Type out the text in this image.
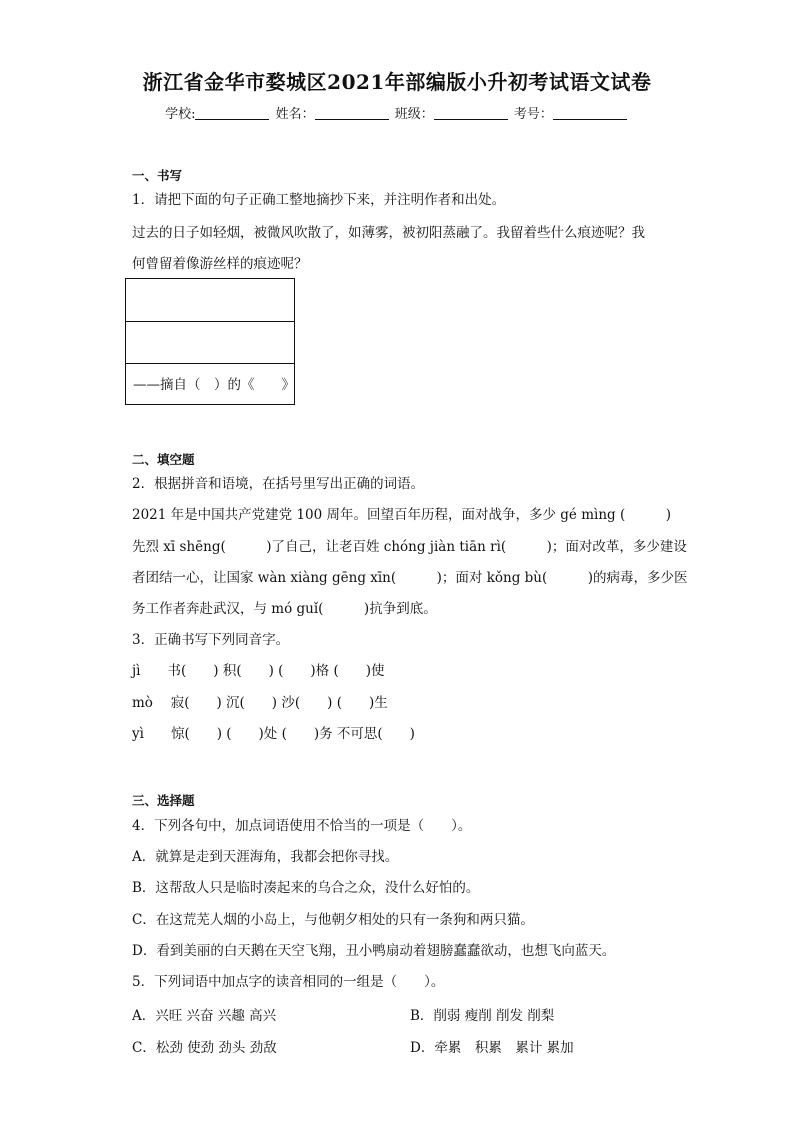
浙江省金华市婺城区2021年部编版小升初考试语文试卷
学校:	姓名：	班级：	考号：
一、书写
1．请把下面的句子正确工整地摘抄下来，并注明作者和出处。
过去的日子如轻烟，被微风吹散了，如薄雾，被初阳蒸融了。我留着些什么痕迹呢？我
何曾留着像游丝样的痕迹呢？
——摘自（　）的《　　》
二、填空题
2．根据拼音和语境，在括号里写出正确的词语。
2021 年是中国共产党建党 100 周年。回望百年历程，面对战争，多少 gé mìng (　　　)
先烈 xī shēng(　　　)了自己，让老百姓 chóng jiàn tiān rì(　　　)；面对改革，多少建设
者团结一心，让国家 wàn xiàng gēng xīn(　　　)；面对 kǒng bù(　　　)的病毒，多少医
务工作者奔赴武汉，与 mó guǐ(　　　)抗争到底。
3．正确书写下列同音字。
jì　　书(　　) 积(　　) (　　)格 (　　)使
mò　 寂(　　) 沉(　　) 沙(　　) (　　)生
yì　　惊(　　) (　　)处 (　　)务 不可思(　　)
三、选择题
4．下列各句中，加点词语使用不恰当的一项是（　　）。
A．就算是走到天涯海角，我都会把你寻找。
B．这帮敌人只是临时凑起来的乌合之众，没什么好怕的。
C．在这荒芜人烟的小岛上，与他朝夕相处的只有一条狗和两只猫。
D．看到美丽的白天鹅在天空飞翔，丑小鸭扇动着翅膀蠢蠢欲动，也想飞向蓝天。
5．下列词语中加点字的读音相同的一组是（　　）。
A．兴旺 兴奋 兴趣 高兴	B．削弱 瘦削 削发 削梨
C．松劲 使劲 劲头 劲敌	D．牵累　积累　累计 累加
